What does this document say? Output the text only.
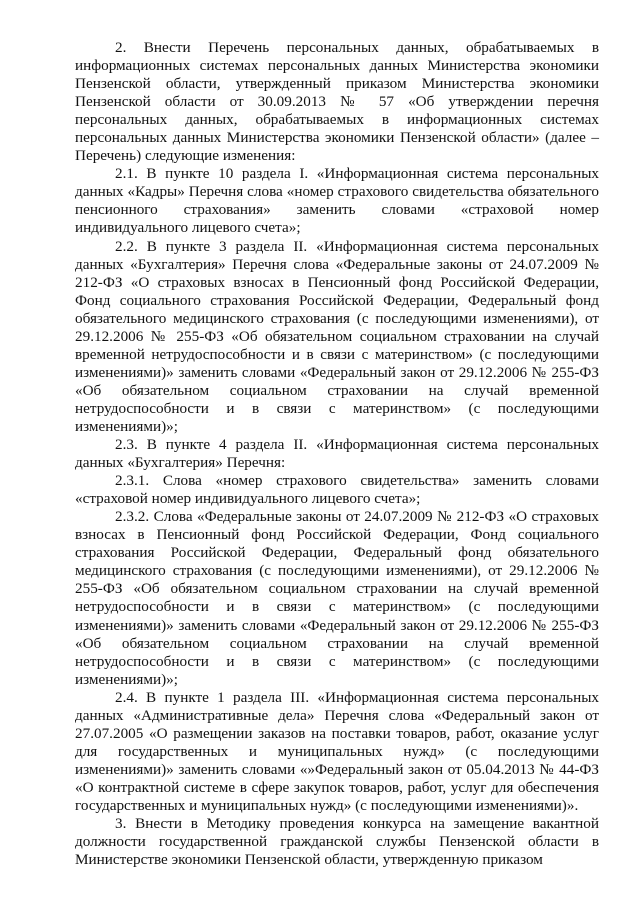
2. Внести Перечень персональных данных, обрабатываемых в информационных системах персональных данных Министерства экономики Пензенской области, утвержденный приказом Министерства экономики Пензенской области от 30.09.2013 № 57 «Об утверждении перечня персональных данных, обрабатываемых в информационных системах персональных данных Министерства экономики Пензенской области» (далее – Перечень) следующие изменения:

2.1. В пункте 10 раздела I. «Информационная система персональных данных «Кадры» Перечня слова «номер страхового свидетельства обязательного пенсионного страхования» заменить словами «страховой номер индивидуального лицевого счета»;

2.2. В пункте 3 раздела II. «Информационная система персональных данных «Бухгалтерия» Перечня слова «Федеральные законы от 24.07.2009 № 212-ФЗ «О страховых взносах в Пенсионный фонд Российской Федерации, Фонд социального страхования Российской Федерации, Федеральный фонд обязательного медицинского страхования (с последующими изменениями), от 29.12.2006 № 255-ФЗ «Об обязательном социальном страховании на случай временной нетрудоспособности и в связи с материнством» (с последующими изменениями)» заменить словами «Федеральный закон от 29.12.2006 № 255-ФЗ «Об обязательном социальном страховании на случай временной нетрудоспособности и в связи с материнством» (с последующими изменениями)»;

2.3. В пункте 4 раздела II. «Информационная система персональных данных «Бухгалтерия» Перечня:

2.3.1. Слова «номер страхового свидетельства» заменить словами «страховой номер индивидуального лицевого счета»;

2.3.2. Слова «Федеральные законы от 24.07.2009 № 212-ФЗ «О страховых взносах в Пенсионный фонд Российской Федерации, Фонд социального страхования Российской Федерации, Федеральный фонд обязательного медицинского страхования (с последующими изменениями), от 29.12.2006 № 255-ФЗ «Об обязательном социальном страховании на случай временной нетрудоспособности и в связи с материнством» (с последующими изменениями)» заменить словами «Федеральный закон от 29.12.2006 № 255-ФЗ «Об обязательном социальном страховании на случай временной нетрудоспособности и в связи с материнством» (с последующими изменениями)»;

2.4. В пункте 1 раздела III. «Информационная система персональных данных «Административные дела» Перечня слова «Федеральный закон от 27.07.2005 «О размещении заказов на поставки товаров, работ, оказание услуг для государственных и муниципальных нужд» (с последующими изменениями)» заменить словами «»Федеральный закон от 05.04.2013 № 44-ФЗ «О контрактной системе в сфере закупок товаров, работ, услуг для обеспечения государственных и муниципальных нужд» (с последующими изменениями)».

3. Внести в Методику проведения конкурса на замещение вакантной должности государственной гражданской службы Пензенской области в Министерстве экономики Пензенской области, утвержденную приказом
